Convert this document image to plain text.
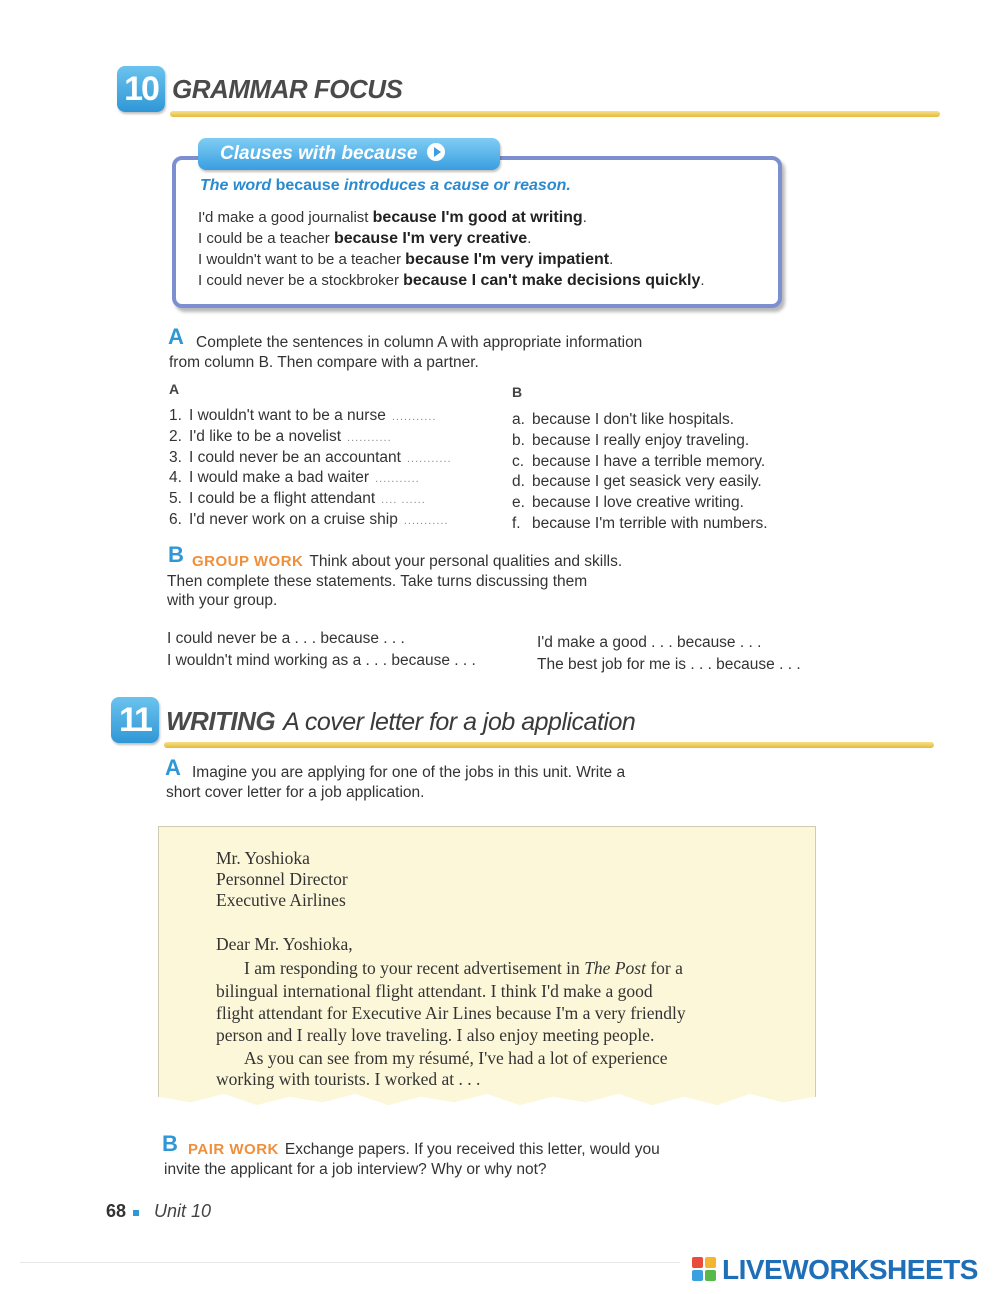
10 GRAMMAR FOCUS
Clauses with because
The word because introduces a cause or reason.
I'd make a good journalist because I'm good at writing.
I could be a teacher because I'm very creative.
I wouldn't want to be a teacher because I'm very impatient.
I could never be a stockbroker because I can't make decisions quickly.
A Complete the sentences in column A with appropriate information
from column B. Then compare with a partner.
A	B
1. I wouldn't want to be a nurse ...........
2. I'd like to be a novelist ...........
3. I could never be an accountant ...........
4. I would make a bad waiter ...........
5. I could be a flight attendant .... ......
6. I'd never work on a cruise ship ...........
a. because I don't like hospitals.
b. because I really enjoy traveling.
c. because I have a terrible memory.
d. because I get seasick very easily.
e. because I love creative writing.
f. because I'm terrible with numbers.
B GROUP WORK Think about your personal qualities and skills.
Then complete these statements. Take turns discussing them
with your group.
I could never be a . . . because . . .
I wouldn't mind working as a . . . because . . .
I'd make a good . . . because . . .
The best job for me is . . . because . . .
11 WRITING A cover letter for a job application
A Imagine you are applying for one of the jobs in this unit. Write a
short cover letter for a job application.
Mr. Yoshioka
Personnel Director
Executive Airlines
Dear Mr. Yoshioka,
I am responding to your recent advertisement in The Post for a
bilingual international flight attendant. I think I'd make a good
flight attendant for Executive Air Lines because I'm a very friendly
person and I really love traveling. I also enjoy meeting people.
As you can see from my résumé, I've had a lot of experience
working with tourists. I worked at . . .
B PAIR WORK Exchange papers. If you received this letter, would you
invite the applicant for a job interview? Why or why not?
68 Unit 10
LIVEWORKSHEETS
